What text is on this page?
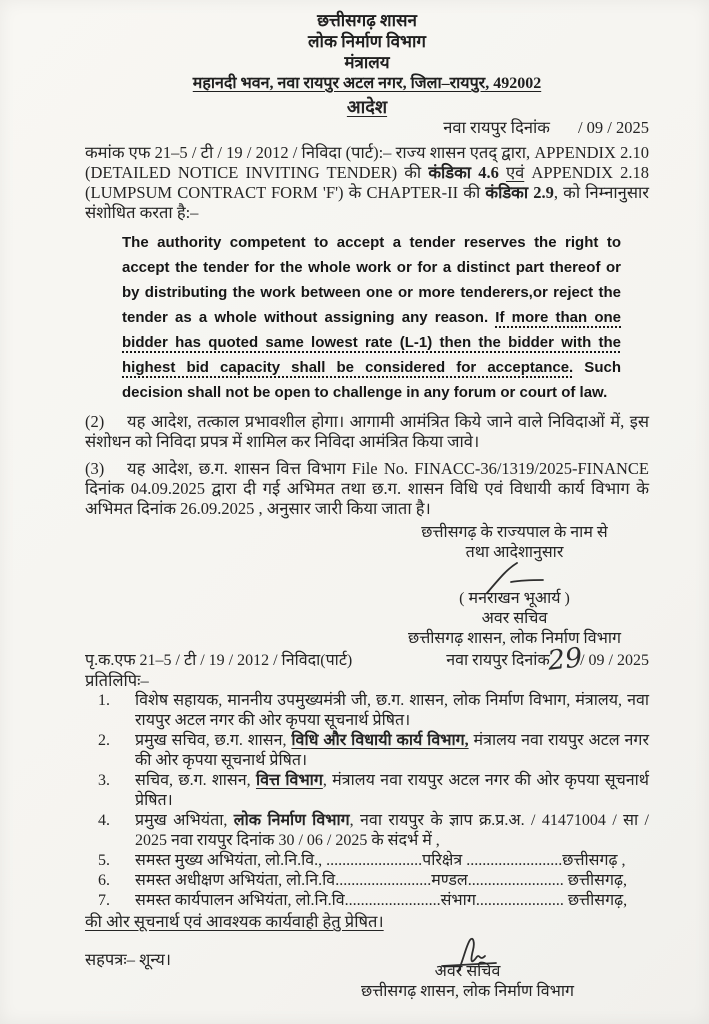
छत्तीसगढ़ शासन
लोक निर्माण विभाग
मंत्रालय
महानदी भवन, नवा रायपुर अटल नगर, जिला–रायपुर, 492002
आदेश
नवा रायपुर दिनांक / 09 / 2025
कमांक एफ 21–5 / टी / 19 / 2012 / निविदा (पार्ट):– राज्य शासन एतद् द्वारा, APPENDIX 2.10 (DETAILED NOTICE INVITING TENDER) की कंडिका 4.6 एवं APPENDIX 2.18 (LUMPSUM CONTRACT FORM 'F') के CHAPTER-II की कंडिका 2.9, को निम्नानुसार संशोधित करता है:–
The authority competent to accept a tender reserves the right to accept the tender for the whole work or for a distinct part thereof or by distributing the work between one or more tenderers,or reject the tender as a whole without assigning any reason. If more than one bidder has quoted same lowest rate (L-1) then the bidder with the highest bid capacity shall be considered for acceptance. Such decision shall not be open to challenge in any forum or court of law.
(2) यह आदेश, तत्काल प्रभावशील होगा। आगामी आमंत्रित किये जाने वाले निविदाओं में, इस संशोधन को निविदा प्रपत्र में शामिल कर निविदा आमंत्रित किया जावे।
(3) यह आदेश, छ.ग. शासन वित्त विभाग File No. FINACC-36/1319/2025-FINANCE दिनांक 04.09.2025 द्वारा दी गई अभिमत तथा छ.ग. शासन विधि एवं विधायी कार्य विभाग के अभिमत दिनांक 26.09.2025 , अनुसार जारी किया जाता है।
छत्तीसगढ़ के राज्यपाल के नाम से
तथा आदेशानुसार
( मनराखन भूआर्य )
अवर सचिव
छत्तीसगढ़ शासन, लोक निर्माण विभाग
पृ.क.एफ 21–5 / टी / 19 / 2012 / निविदा(पार्ट)	नवा रायपुर दिनांक29/ 09 / 2025
प्रतिलिपिः–
1.	विशेष सहायक, माननीय उपमुख्यमंत्री जी, छ.ग. शासन, लोक निर्माण विभाग, मंत्रालय, नवा रायपुर अटल नगर की ओर कृपया सूचनार्थ प्रेषित।
2.	प्रमुख सचिव, छ.ग. शासन, विधि और विधायी कार्य विभाग, मंत्रालय नवा रायपुर अटल नगर की ओर कृपया सूचनार्थ प्रेषित।
3.	सचिव, छ.ग. शासन, वित्त विभाग, मंत्रालय नवा रायपुर अटल नगर की ओर कृपया सूचनार्थ प्रेषित।
4.	प्रमुख अभियंता, लोक निर्माण विभाग, नवा रायपुर के ज्ञाप क्र.प्र.अ. / 41471004 / सा / 2025 नवा रायपुर दिनांक 30 / 06 / 2025 के संदर्भ में ,
5.	समस्त मुख्य अभियंता, लो.नि.वि., ........................परिक्षेत्र ........................छत्तीसगढ़ ,
6.	समस्त अधीक्षण अभियंता, लो.नि.वि........................मण्डल........................ छत्तीसगढ़,
7.	समस्त कार्यपालन अभियंता, लो.नि.वि........................संभाग...................... छत्तीसगढ़,
की ओर सूचनार्थ एवं आवश्यक कार्यवाही हेतु प्रेषित।
सहपत्रः– शून्य।
अवर सचिव
छत्तीसगढ़ शासन, लोक निर्माण विभाग
